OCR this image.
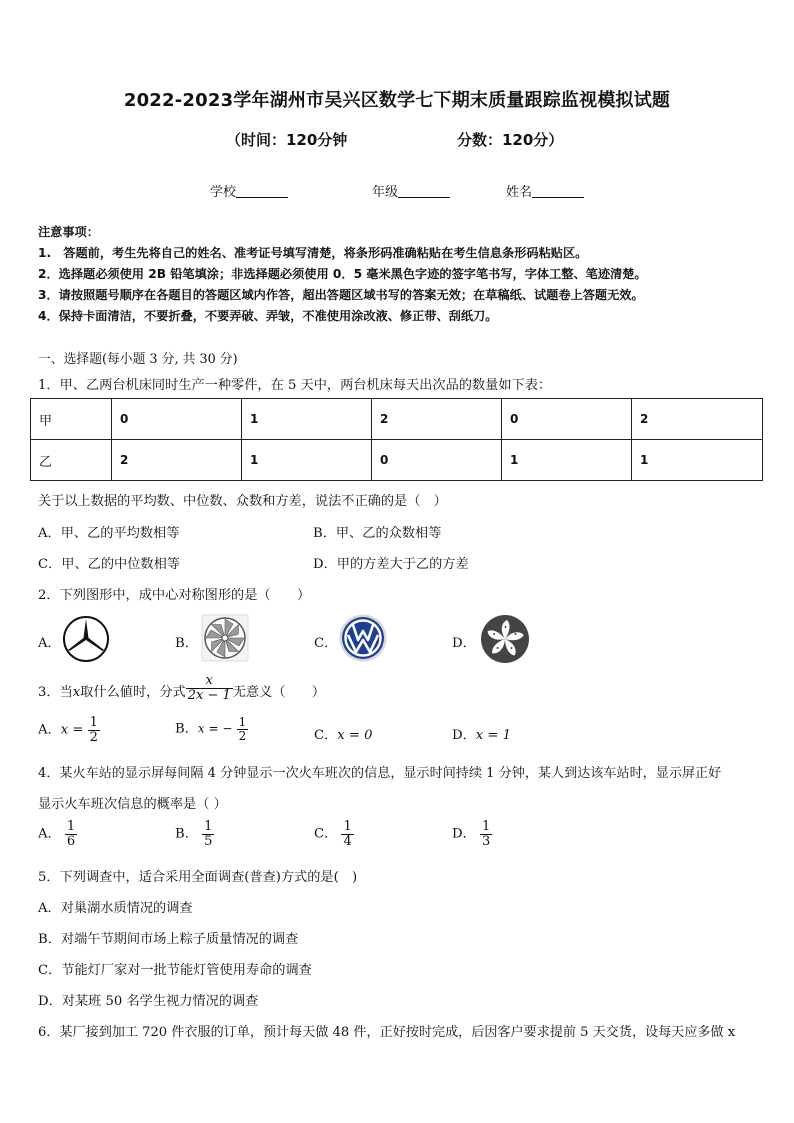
2022-2023学年湖州市吴兴区数学七下期末质量跟踪监视模拟试题
（时间：120分钟	分数：120分）
学校	年级	姓名
注意事项：
1.　答题前，考生先将自己的姓名、准考证号填写清楚，将条形码准确粘贴在考生信息条形码粘贴区。
2．选择题必须使用 2B 铅笔填涂；非选择题必须使用 0．5 毫米黑色字迹的签字笔书写，字体工整、笔迹清楚。
3．请按照题号顺序在各题目的答题区域内作答，超出答题区域书写的答案无效；在草稿纸、试题卷上答题无效。
4．保持卡面清洁，不要折叠，不要弄破、弄皱，不准使用涂改液、修正带、刮纸刀。
一、选择题(每小题 3 分, 共 30 分)
1．甲、乙两台机床同时生产一种零件，在 5 天中，两台机床每天出次品的数量如下表：
甲	0	1	2	0	2
乙	2	1	0	1	1
关于以上数据的平均数、中位数、众数和方差，说法不正确的是（　）
A．甲、乙的平均数相等	B．甲、乙的众数相等
C．甲、乙的中位数相等	D．甲的方差大于乙的方差
2．下列图形中，成中心对称图形的是（　　）
A．	B．	C．	D．
3．当x取什么値时，分式 $\frac{x}{2x - 1}$ 无意义（　　）
A．$x = \frac{1}{2}$	B．x = − $\frac{1}{2}$	C．x = 0	D．x = 1
4．某火车站的显示屏每间隔 4 分钟显示一次火车班次的信息，显示时间持续 1 分钟，某人到达该车站时，显示屏正好
显示火车班次信息的概率是（ ）
A． $\frac{1}{6}$	B． $\frac{1}{5}$	C． $\frac{1}{4}$	D． $\frac{1}{3}$
5．下列调查中，适合采用全面调查(普查)方式的是(　)
A．对巢湖水质情况的调查
B．对端午节期间市场上粽子质量情况的调查
C．节能灯厂家对一批节能灯管使用寿命的调查
D．对某班 50 名学生视力情况的调查
6．某厂接到加工 720 件衣服的订单，预计每天做 48 件，正好按时完成，后因客户要求提前 5 天交货，设每天应多做 x
